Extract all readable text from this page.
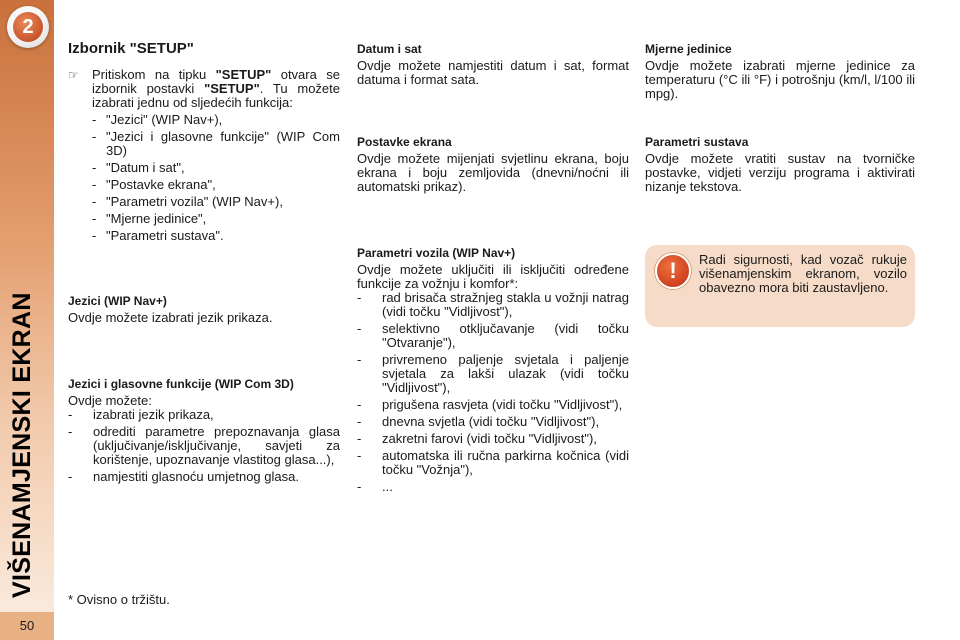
2
VIŠENAMJENSKI EKRAN
50
Izbornik "SETUP"
☞	Pritiskom na tipku "SETUP" otvara se izbornik postavki "SETUP". Tu možete izabrati jednu od sljedećih funkcija:

- "Jezici" (WIP Nav+),
- "Jezici i glasovne funkcije" (WIP Com 3D)
- "Datum i sat",
- "Postavke ekrana",
- "Parametri vozila" (WIP Nav+),
- "Mjerne jedinice",
- "Parametri sustava".
Jezici (WIP Nav+)

Ovdje možete izabrati jezik prikaza.

Jezici i glasovne funkcije (WIP Com 3D)

Ovdje možete:

- izabrati jezik prikaza,
- odrediti parametre prepoznavanja glasa (uključivanje/isključivanje, savjeti za korištenje, upoznavanje vlastitog glasa...),
- namjestiti glasnoću umjetnog glasa.
* Ovisno o tržištu.
Datum i sat

Ovdje možete namjestiti datum i sat, format datuma i format sata.

Postavke ekrana

Ovdje možete mijenjati svjetlinu ekrana, boju ekrana i boju zemljovida (dnevni/noćni ili automatski prikaz).

Parametri vozila (WIP Nav+)

Ovdje možete uključiti ili isključiti određene funkcije za vožnju i komfor*:

- rad brisača stražnjeg stakla u vožnji natrag (vidi točku "Vidljivost"),
- selektivno otključavanje (vidi točku "Otvaranje"),
- privremeno paljenje svjetala i paljenje svjetala za lakši ulazak (vidi točku "Vidljivost"),
- prigušena rasvjeta (vidi točku "Vidljivost"),
- dnevna svjetla (vidi točku "Vidljivost"),
- zakretni farovi (vidi točku "Vidljivost"),
- automatska ili ručna parkirna kočnica (vidi točku "Vožnja"),
- ...
Mjerne jedinice

Ovdje možete izabrati mjerne jedinice za temperaturu (°C ili °F) i potrošnju (km/l, l/100 ili mpg).

Parametri sustava

Ovdje možete vratiti sustav na tvorničke postavke, vidjeti verziju programa i aktivirati nizanje tekstova.

!	Radi sigurnosti, kad vozač rukuje višenamjenskim ekranom, vozilo obavezno mora biti zaustavljeno.
